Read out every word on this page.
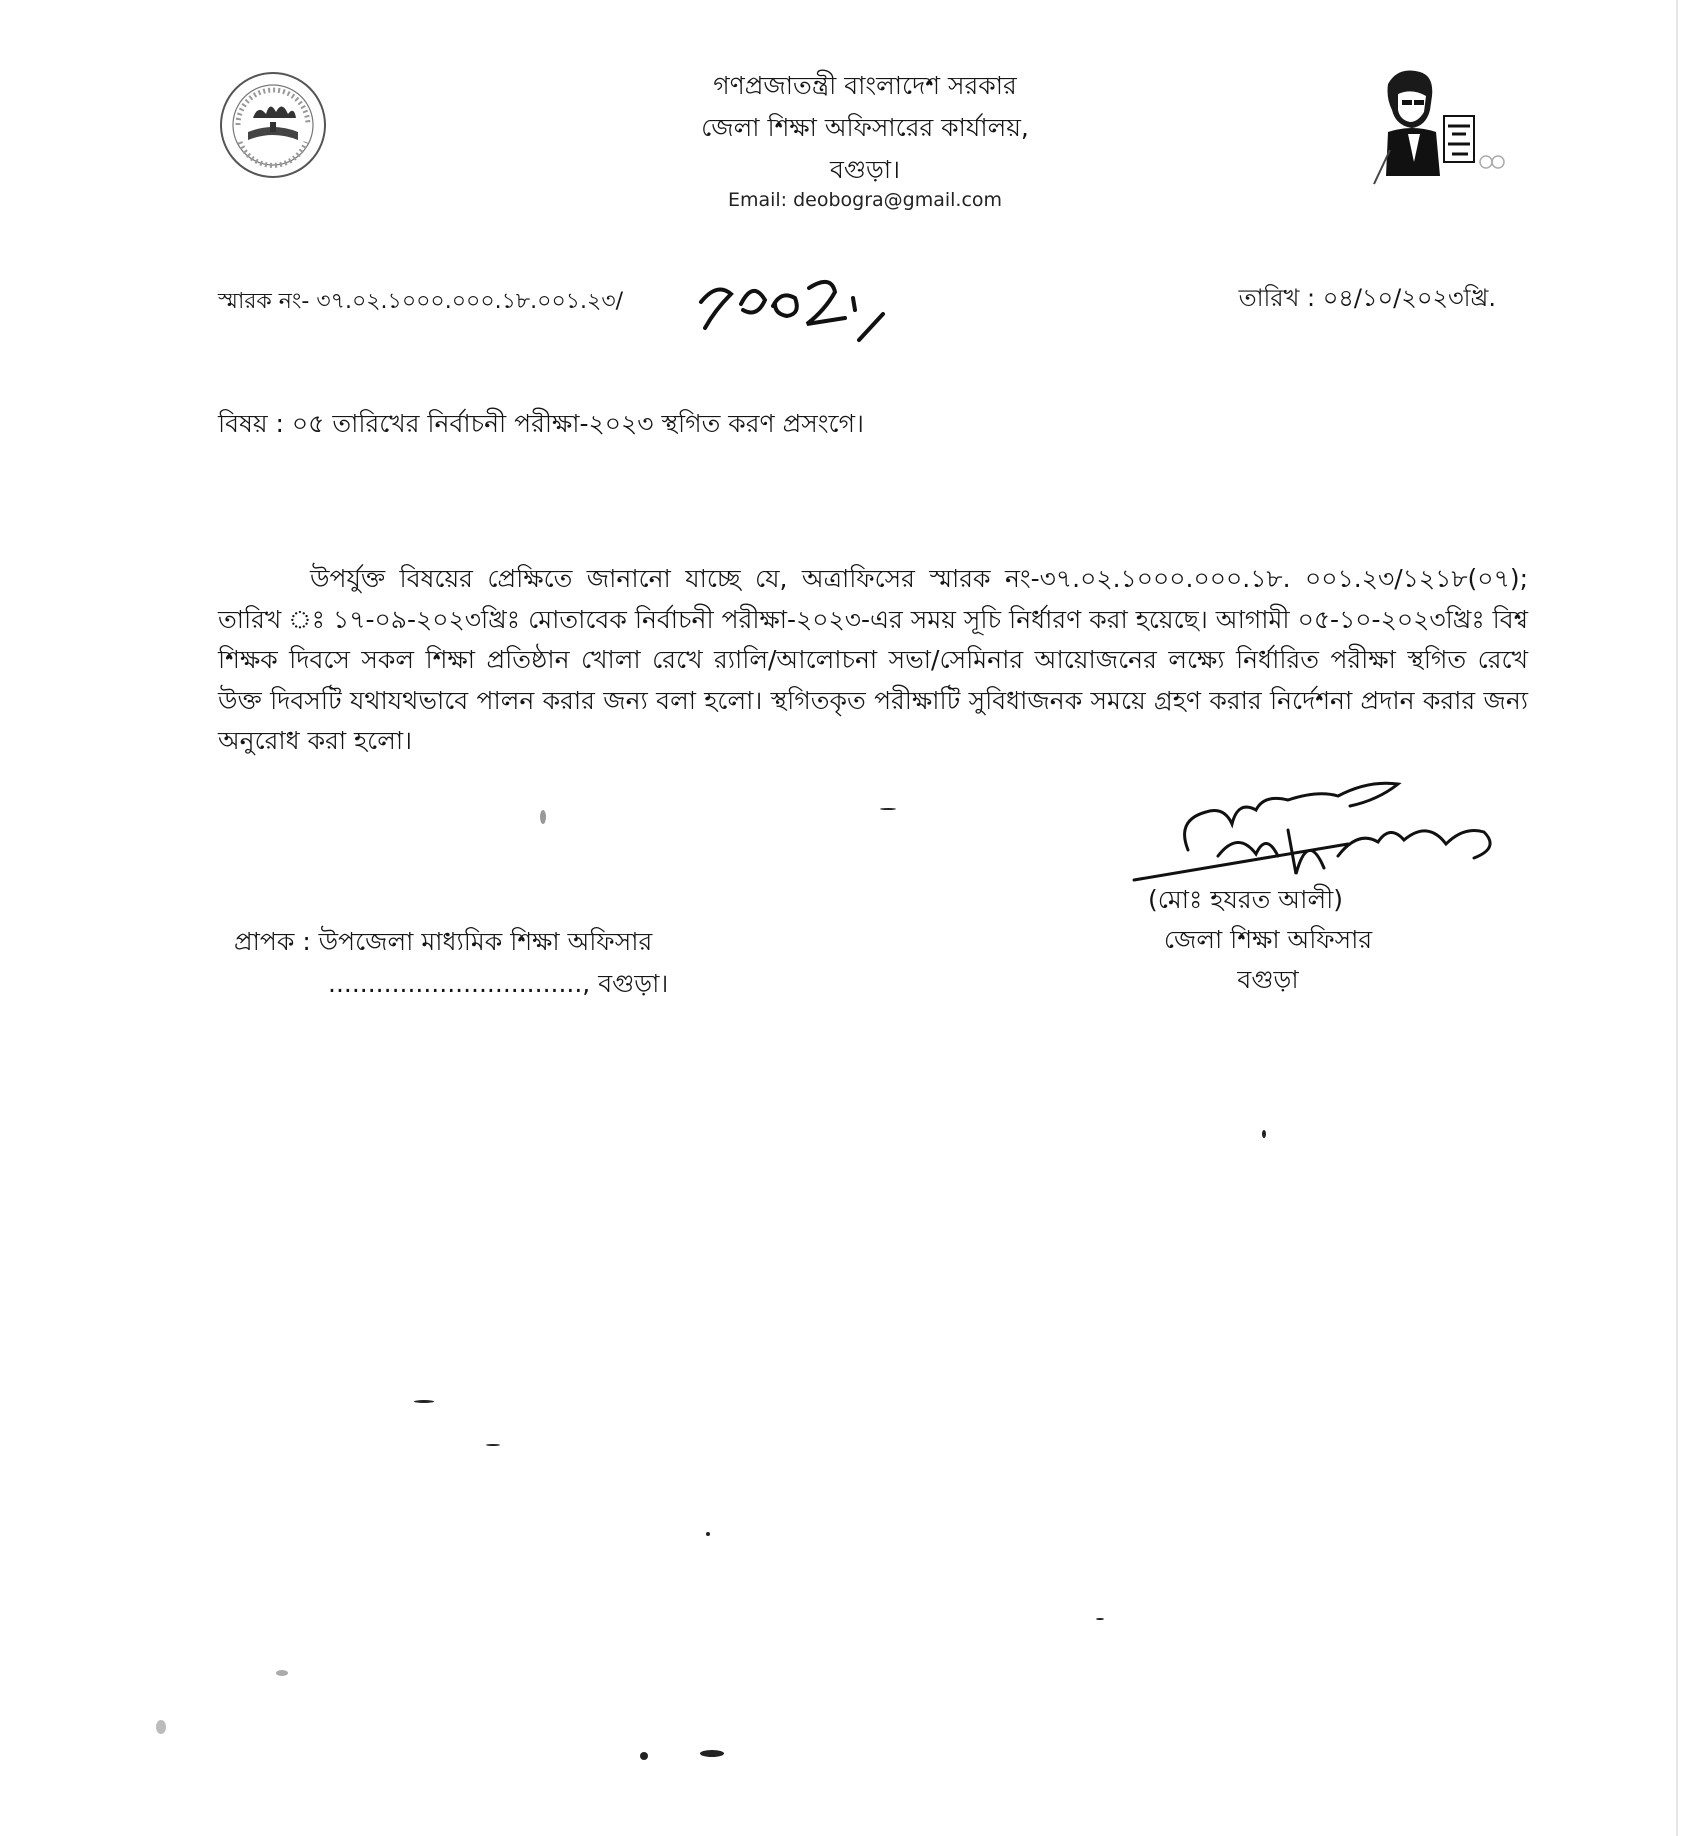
গণপ্রজাতন্ত্রী বাংলাদেশ সরকার
জেলা শিক্ষা অফিসারের কার্যালয়,
বগুড়া।
Email: deobogra@gmail.com
স্মারক নং- ৩৭.০২.১০০০.০০০.১৮.০০১.২৩/	তারিখ : ০৪/১০/২০২৩খ্রি.
বিষয় : ০৫ তারিখের নির্বাচনী পরীক্ষা-২০২৩ স্থগিত করণ প্রসংগে।
উপর্যুক্ত বিষয়ের প্রেক্ষিতে জানানো যাচ্ছে যে, অত্রাফিসের স্মারক নং-৩৭.০২.১০০০.০০০.১৮. ০০১.২৩/১২১৮(০৭); তারিখ ঃ ১৭-০৯-২০২৩খ্রিঃ মোতাবেক নির্বাচনী পরীক্ষা-২০২৩-এর সময় সূচি নির্ধারণ করা হয়েছে। আগামী ০৫-১০-২০২৩খ্রিঃ বিশ্ব শিক্ষক দিবসে সকল শিক্ষা প্রতিষ্ঠান খোলা রেখে র‍্যালি/আলোচনা সভা/সেমিনার আয়োজনের লক্ষ্যে নির্ধারিত পরীক্ষা স্থগিত রেখে উক্ত দিবসটি যথাযথভাবে পালন করার জন্য বলা হলো। স্থগিতকৃত পরীক্ষাটি সুবিধাজনক সময়ে গ্রহণ করার নির্দেশনা প্রদান করার জন্য অনুরোধ করা হলো।
(মোঃ হযরত আলী)
জেলা শিক্ষা অফিসার
বগুড়া
প্রাপক : উপজেলা মাধ্যমিক শিক্ষা অফিসার
................................, বগুড়া।
